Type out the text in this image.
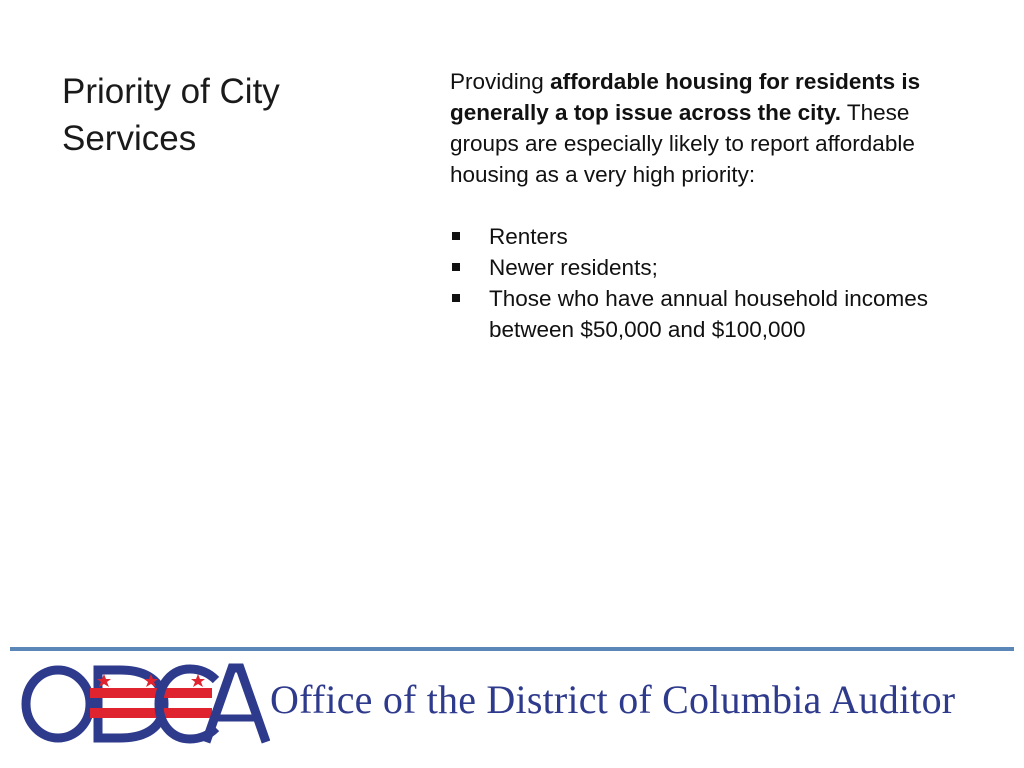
Priority of City Services

Providing affordable housing for residents is generally a top issue across the city. These groups are especially likely to report affordable housing as a very high priority:

Renters
Newer residents;
Those who have annual household incomes between $50,000 and $100,000
Office of the District of Columbia Auditor
